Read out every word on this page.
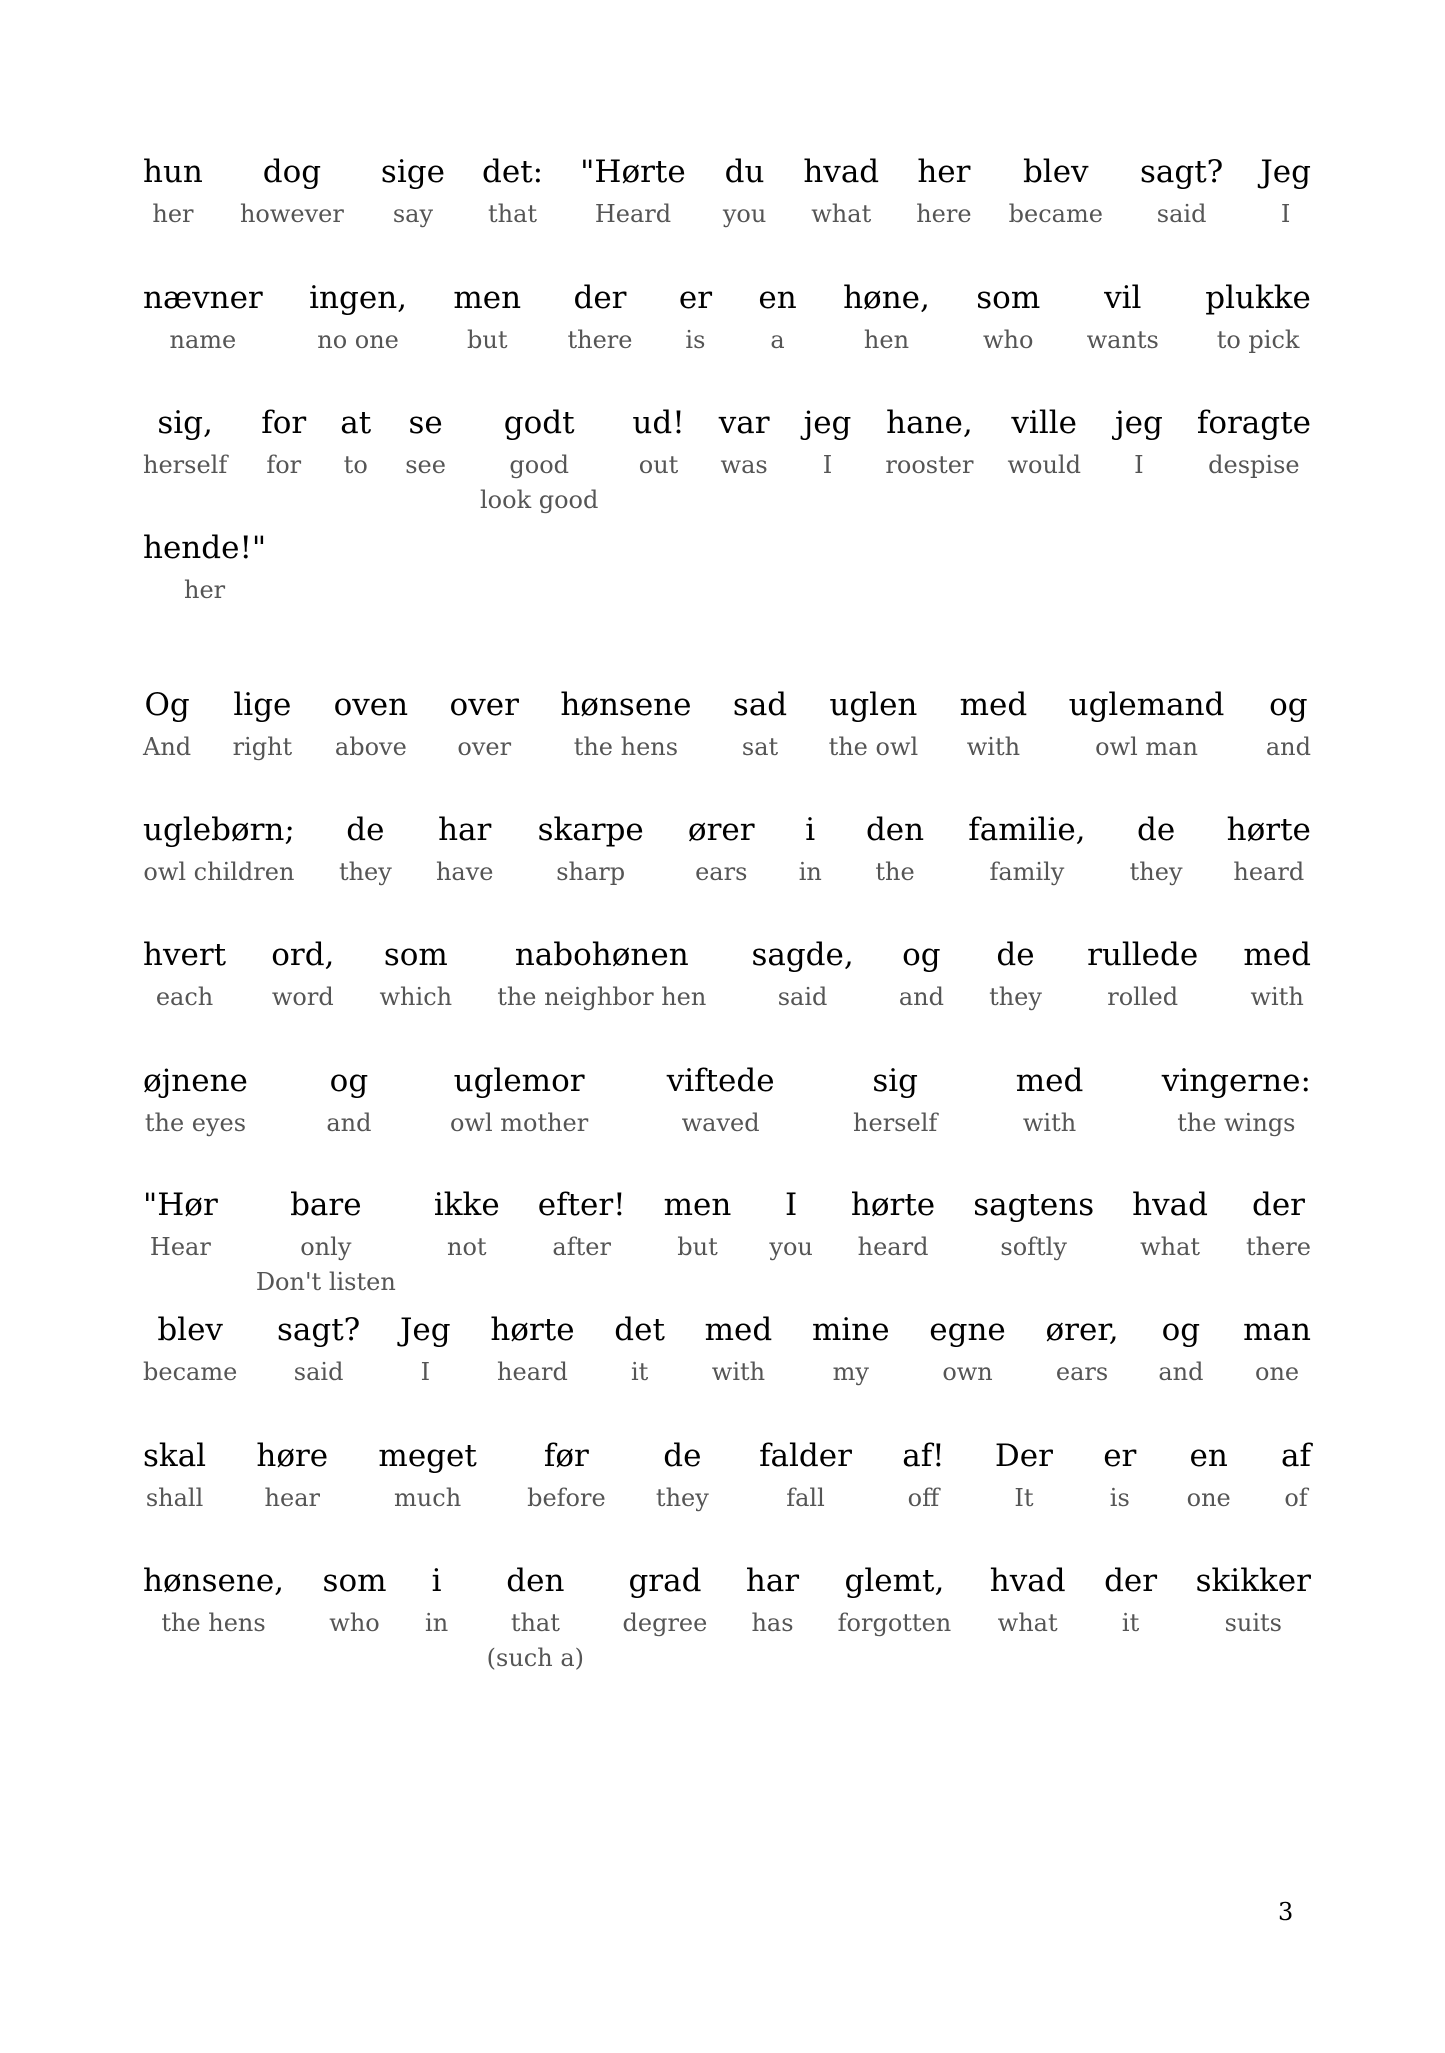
hun
her
dog
however
sige
say
det:
that
"Hørte
Heard
du
you
hvad
what
her
here
blev
became
sagt?
said
Jeg
I
nævner
name
ingen,
no one
men
but
der
there
er
is
en
a
høne,
hen
som
who
vil
wants
plukke
to pick
sig,
herself
for
for
at
to
se
see
godt
good
look good
ud!
out
var
was
jeg
I
hane,
rooster
ville
would
jeg
I
foragte
despise
hende!"
her
Og
And
lige
right
oven
above
over
over
hønsene
the hens
sad
sat
uglen
the owl
med
with
uglemand
owl man
og
and
uglebørn;
owl children
de
they
har
have
skarpe
sharp
ører
ears
i
in
den
the
familie,
family
de
they
hørte
heard
hvert
each
ord,
word
som
which
nabohønen
the neighbor hen
sagde,
said
og
and
de
they
rullede
rolled
med
with
øjnene
the eyes
og
and
uglemor
owl mother
viftede
waved
sig
herself
med
with
vingerne:
the wings
"Hør
Hear
bare
only
Don't listen
ikke
not
efter!
after
men
but
I
you
hørte
heard
sagtens
softly
hvad
what
der
there
blev
became
sagt?
said
Jeg
I
hørte
heard
det
it
med
with
mine
my
egne
own
ører,
ears
og
and
man
one
skal
shall
høre
hear
meget
much
før
before
de
they
falder
fall
af!
off
Der
It
er
is
en
one
af
of
hønsene,
the hens
som
who
i
in
den
that
(such a)
grad
degree
har
has
glemt,
forgotten
hvad
what
der
it
skikker
suits
3
